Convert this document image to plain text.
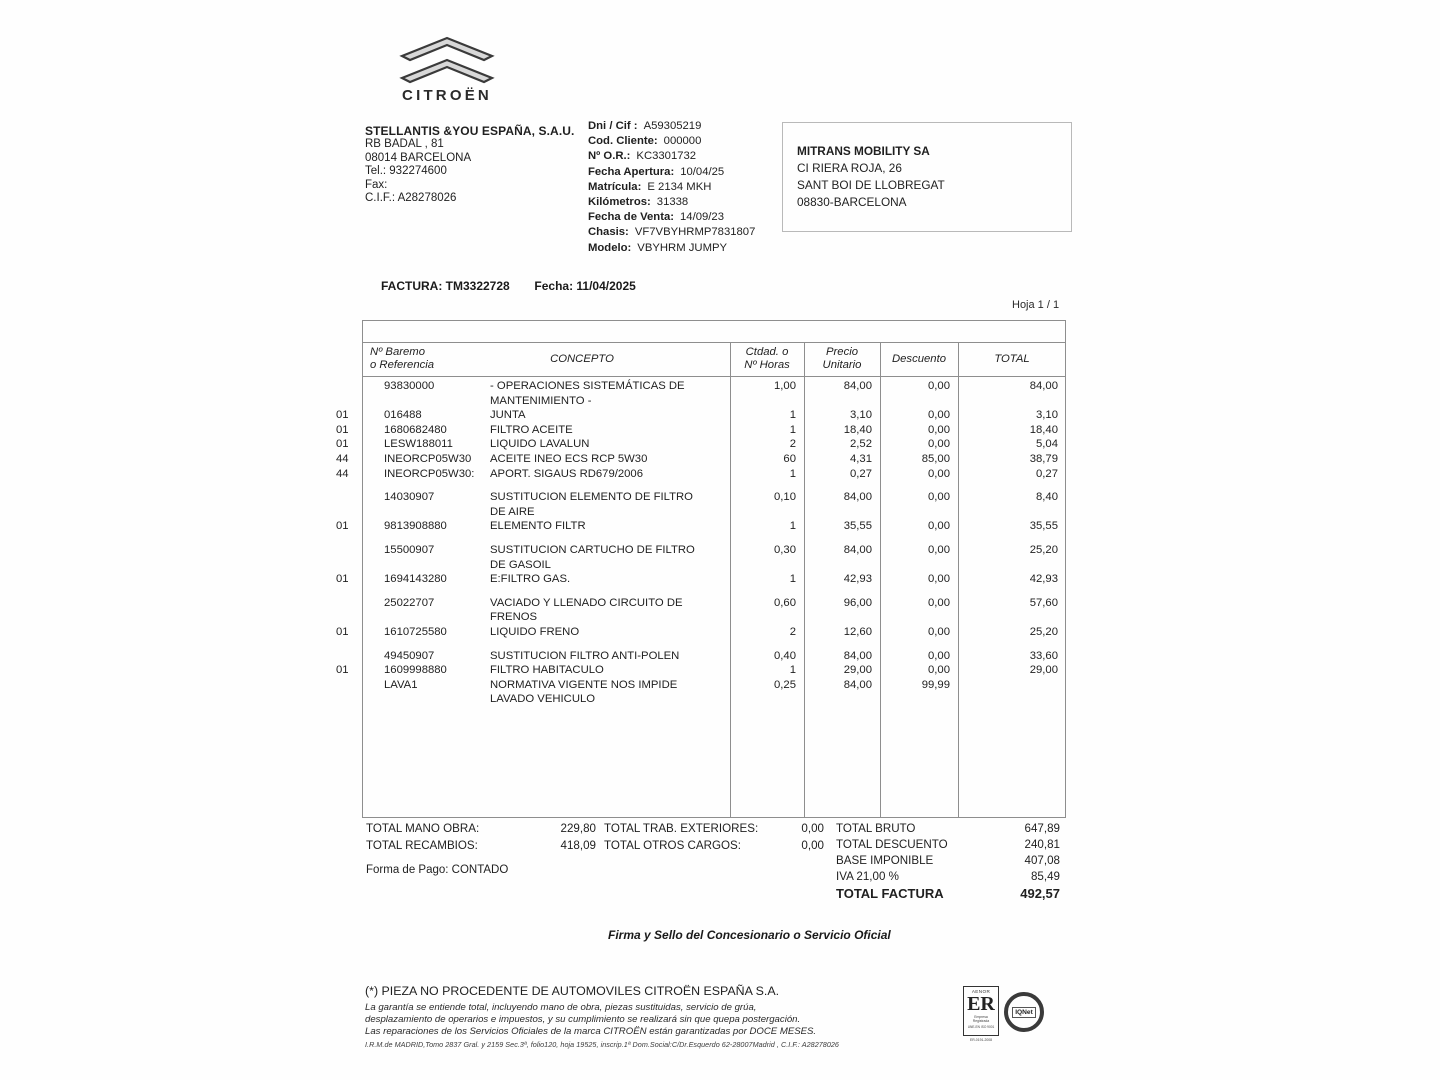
CITROËN
STELLANTIS &YOU ESPAÑA, S.A.U.
RB BADAL , 81
08014 BARCELONA
Tel.: 932274600
Fax:
C.I.F.: A28278026
Dni / Cif : A59305219
Cod. Cliente: 000000
Nº O.R.: KC3301732
Fecha Apertura: 10/04/25
Matrícula: E 2134 MKH
Kilómetros: 31338
Fecha de Venta: 14/09/23
Chasis: VF7VBYHRMP7831807
Modelo: VBYHRM JUMPY
MITRANS MOBILITY SA
CI RIERA ROJA, 26
SANT BOI DE LLOBREGAT
08830-BARCELONA
FACTURA: TM3322728 Fecha: 11/04/2025
Hoja 1 / 1
Nº Baremo
o Referencia	CONCEPTO
Ctdad. o
Nº Horas
Precio
Unitario	Descuento	TOTAL
93830000	- OPERACIONES SISTEMÁTICAS DE	1,00	84,00	0,00	84,00
MANTENIMIENTO -
01	016488	JUNTA	1	3,10	0,00	3,10
01	1680682480	FILTRO ACEITE	1	18,40	0,00	18,40
01	LESW188011	LIQUIDO LAVALUN	2	2,52	0,00	5,04
44	INEORCP05W30	ACEITE INEO ECS RCP 5W30	60	4,31	85,00	38,79
44	INEORCP05W30:	APORT. SIGAUS RD679/2006	1	0,27	0,00	0,27
14030907	SUSTITUCION ELEMENTO DE FILTRO	0,10	84,00	0,00	8,40
DE AIRE
01	9813908880	ELEMENTO FILTR	1	35,55	0,00	35,55
15500907	SUSTITUCION CARTUCHO DE FILTRO	0,30	84,00	0,00	25,20
DE GASOIL
01	1694143280	E:FILTRO GAS.	1	42,93	0,00	42,93
25022707	VACIADO Y LLENADO CIRCUITO DE	0,60	96,00	0,00	57,60
FRENOS
01	1610725580	LIQUIDO FRENO	2	12,60	0,00	25,20
49450907	SUSTITUCION FILTRO ANTI-POLEN	0,40	84,00	0,00	33,60
01	1609998880	FILTRO HABITACULO	1	29,00	0,00	29,00
LAVA1	NORMATIVA VIGENTE NOS IMPIDE	0,25	84,00	99,99
LAVADO VEHICULO
TOTAL MANO OBRA:	229,80
TOTAL RECAMBIOS:	418,09
TOTAL TRAB. EXTERIORES:	0,00
TOTAL OTROS CARGOS:	0,00
Forma de Pago: CONTADO
TOTAL BRUTO	647,89
TOTAL DESCUENTO	240,81
BASE IMPONIBLE	407,08
IVA 21,00 %	85,49
TOTAL FACTURA	492,57
Firma y Sello del Concesionario o Servicio Oficial
(*) PIEZA NO PROCEDENTE DE AUTOMOVILES CITROËN ESPAÑA S.A.
La garantía se entiende total, incluyendo mano de obra, piezas sustituidas, servicio de grúa,
desplazamiento de operarios e impuestos, y su cumplimiento se realizará sin que quepa postergación.
Las reparaciones de los Servicios Oficiales de la marca CITROËN están garantizadas por DOCE MESES.
I.R.M.de MADRID,Tomo 2837 Gral. y 2159 Sec.3ª, folio120, hoja 19525, inscrip.1ª Dom.Social:C/Dr.Esquerdo 62-28007Madrid , C.I.F.: A28278026
AENOR
ER
Empresa
Registrada
UNE-EN ISO 9001
ER-0191-2008
IQNet
